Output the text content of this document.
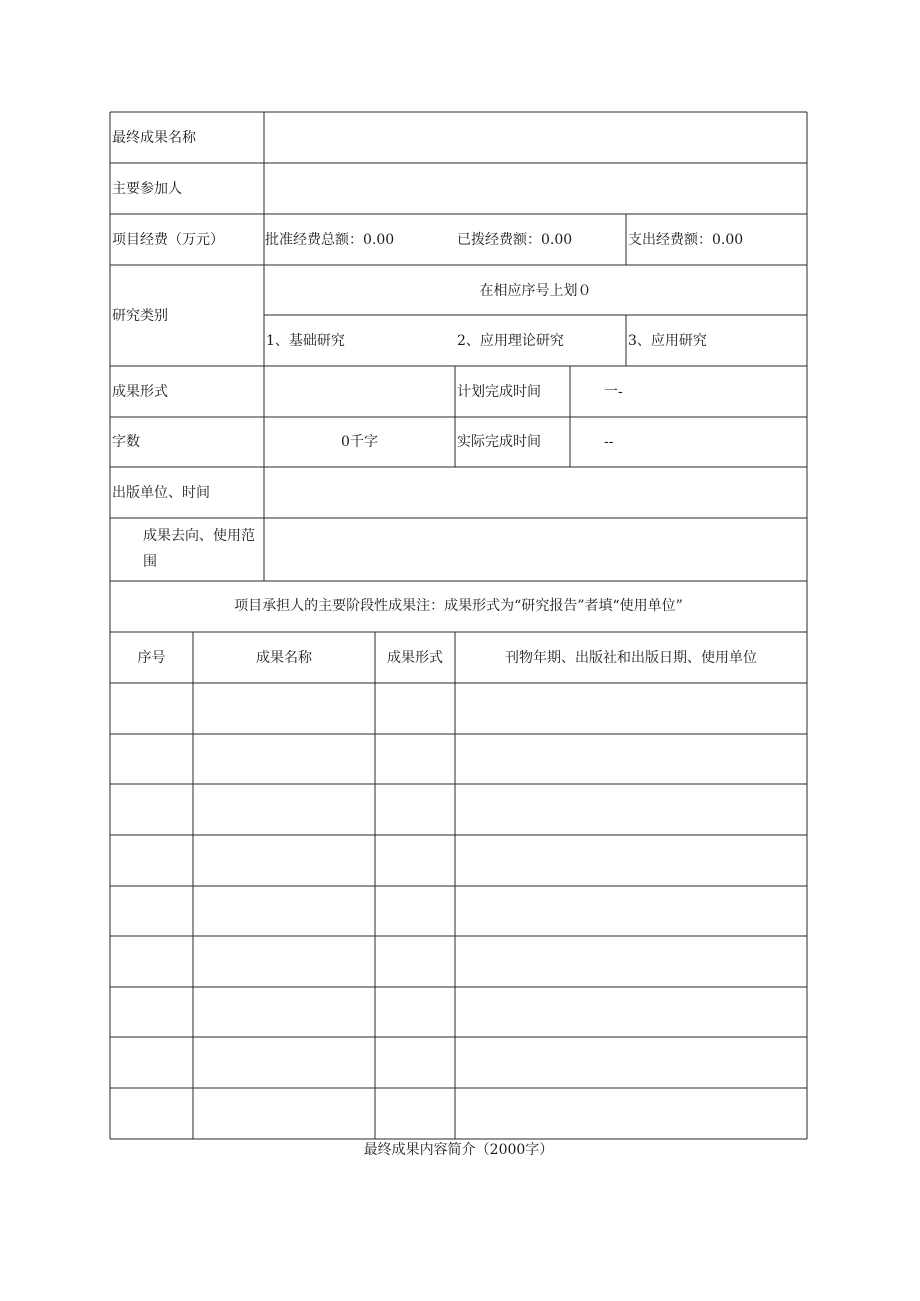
最终成果名称
主要参加人
项目经费（万元）	批准经费总额：0.00	已拨经费额：0.00	支出经费额：0.00
研究类别
在相应序号上划０
1、基础研究	2、应用理论研究	3、应用研究
成果形式	计划完成时间	一-
字数	0千字	实际完成时间	--
出版单位、时间
成果去向、使用范围
项目承担人的主要阶段性成果注：成果形式为“研究报告”者填“使用单位”
序号	成果名称	成果形式	刊物年期、出版社和出版日期、使用单位
最终成果内容简介（2000字）
